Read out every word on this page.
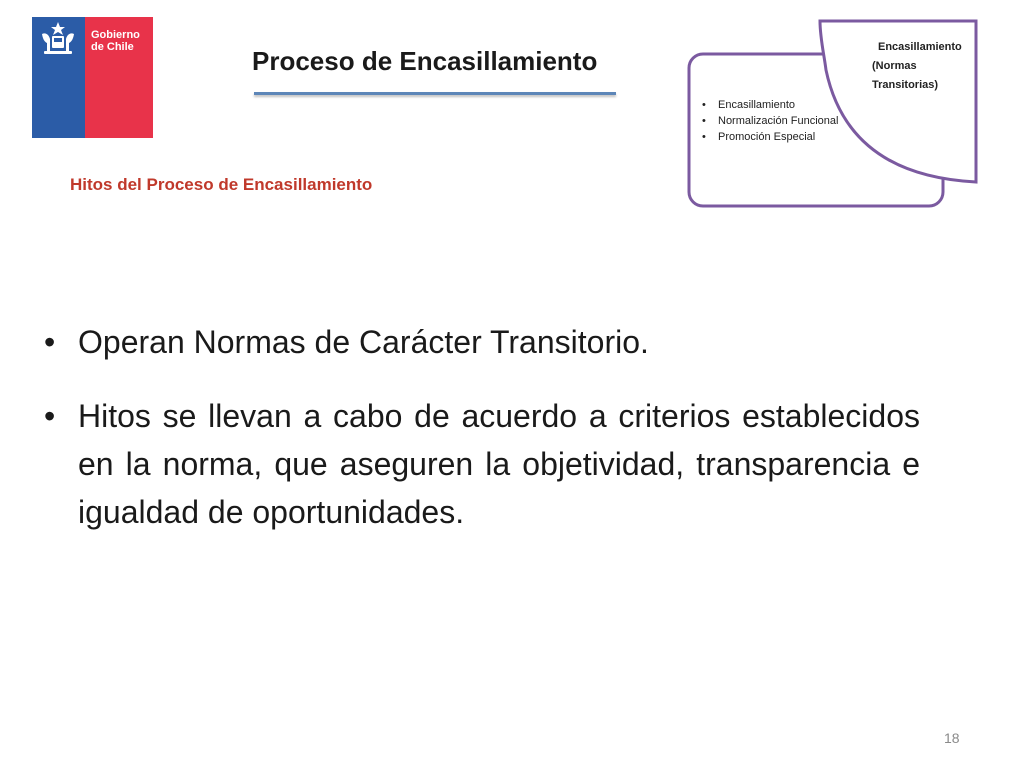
Gobierno
de Chile	Proceso de Encasillamiento
Hitos del Proceso de Encasillamiento
• Encasillamiento
• Normalización Funcional
• Promoción Especial
Encasillamiento
(Normas
Transitorias)
• Operan Normas de Carácter Transitorio.
• Hitos se llevan a cabo de acuerdo a criterios establecidos en la norma, que aseguren la objetividad, transparencia e igualdad de oportunidades.
18
